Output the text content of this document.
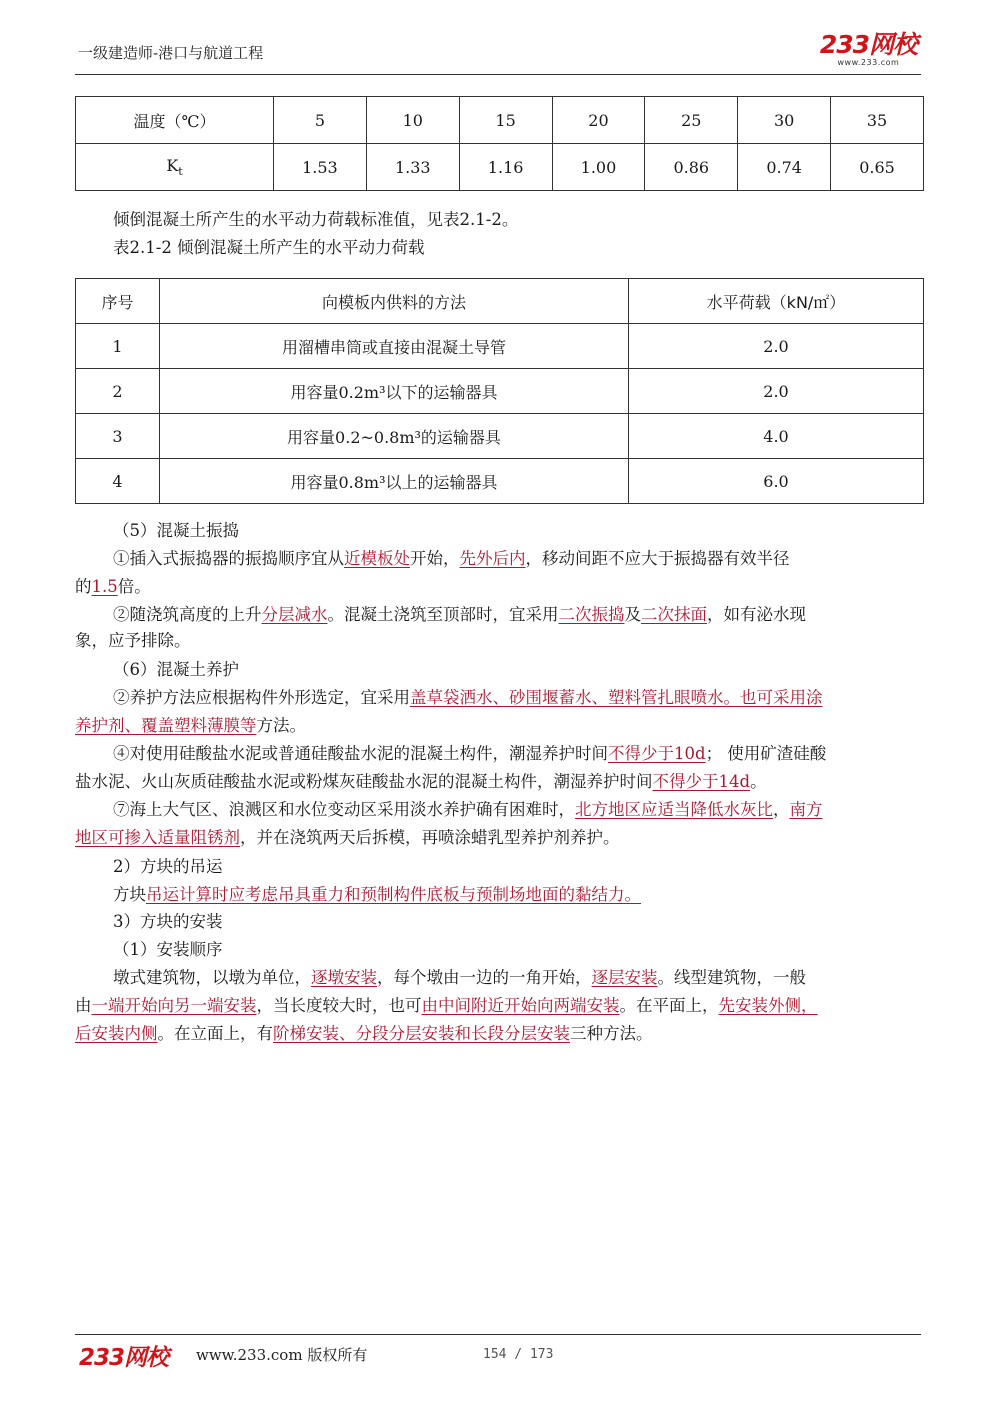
一级建造师-港口与航道工程	233网校
www.233.com
温度（℃）	5	10	15	20	25	30	35
$K_t$	1.53	1.33	1.16	1.00	0.86	0.74	0.65
倾倒混凝土所产生的水平动力荷载标准值，见表2.1-2。
表2.1-2 倾倒混凝土所产生的水平动力荷载
序号	向模板内供料的方法	水平荷载（kN/㎡）
1	用溜槽串筒或直接由混凝土导管	2.0
2	用容量0.2m³以下的运输器具	2.0
3	用容量0.2~0.8m³的运输器具	4.0
4	用容量0.8m³以上的运输器具	6.0
（5）混凝土振捣
①插入式振捣器的振捣顺序宜从近模板处开始，先外后内，移动间距不应大于振捣器有效半径
的1.5倍。
②随浇筑高度的上升分层减水。混凝土浇筑至顶部时，宜采用二次振捣及二次抹面，如有泌水现
象，应予排除。
（6）混凝土养护
②养护方法应根据构件外形选定，宜采用盖草袋洒水、砂围堰蓄水、塑料管扎眼喷水。也可采用涂
养护剂、覆盖塑料薄膜等方法。
④对使用硅酸盐水泥或普通硅酸盐水泥的混凝土构件，潮湿养护时间不得少于10d； 使用矿渣硅酸
盐水泥、火山灰质硅酸盐水泥或粉煤灰硅酸盐水泥的混凝土构件，潮湿养护时间不得少于14d。
⑦海上大气区、浪溅区和水位变动区采用淡水养护确有困难时，北方地区应适当降低水灰比，南方
地区可掺入适量阻锈剂，并在浇筑两天后拆模，再喷涂蜡乳型养护剂养护。
2）方块的吊运
方块吊运计算时应考虑吊具重力和预制构件底板与预制场地面的黏结力。
3）方块的安装
（1）安装顺序
墩式建筑物，以墩为单位，逐墩安装，每个墩由一边的一角开始，逐层安装。线型建筑物，一般
由一端开始向另一端安装，当长度较大时，也可由中间附近开始向两端安装。在平面上，先安装外侧，
后安装内侧。在立面上，有阶梯安装、分段分层安装和长段分层安装三种方法。
233网校 www.233.com 版权所有	154 / 173
